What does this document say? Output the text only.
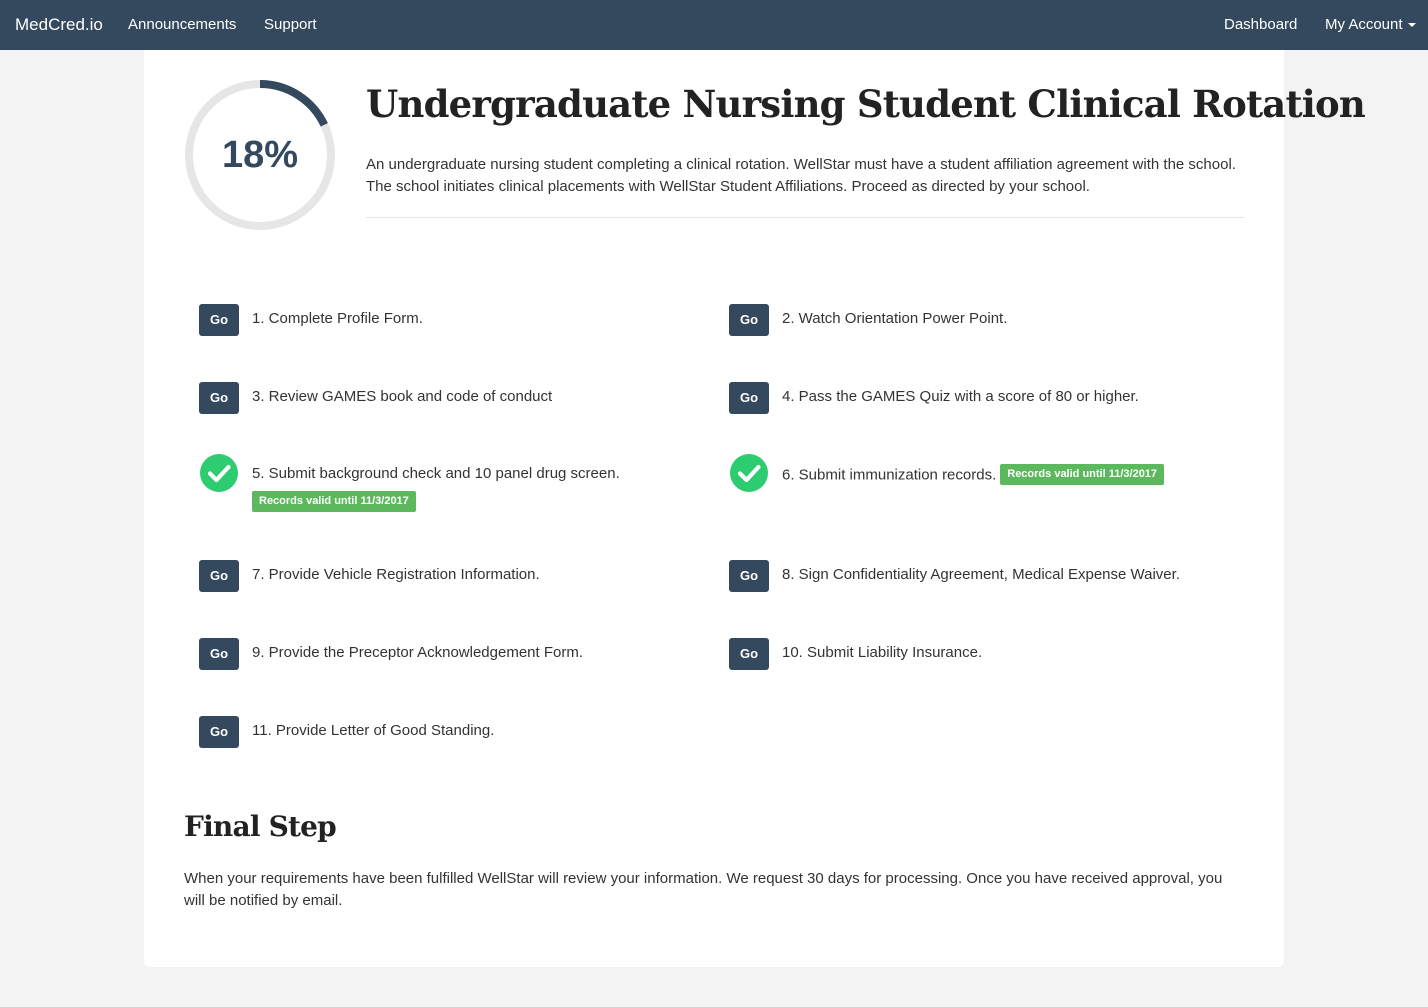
MedCred.io Announcements Support	Dashboard My Account
18%
Undergraduate Nursing Student Clinical Rotation

An undergraduate nursing student completing a clinical rotation. WellStar must have a student affiliation agreement with the school. The school initiates clinical placements with WellStar Student Affiliations. Proceed as directed by your school.

Go	1. Complete Profile Form.	Go	2. Watch Orientation Power Point.
Go	3. Review GAMES book and code of conduct	Go	4. Pass the GAMES Quiz with a score of 80 or higher.
5. Submit background check and 10 panel drug screen.
Records valid until 11/3/2017
6. Submit immunization records. Records valid until 11/3/2017
Go	7. Provide Vehicle Registration Information.	Go	8. Sign Confidentiality Agreement, Medical Expense Waiver.
Go	9. Provide the Preceptor Acknowledgement Form.	Go	10. Submit Liability Insurance.
Go	11. Provide Letter of Good Standing.
Final Step

When your requirements have been fulfilled WellStar will review your information. We request 30 days for processing. Once you have received approval, you will be notified by email.
